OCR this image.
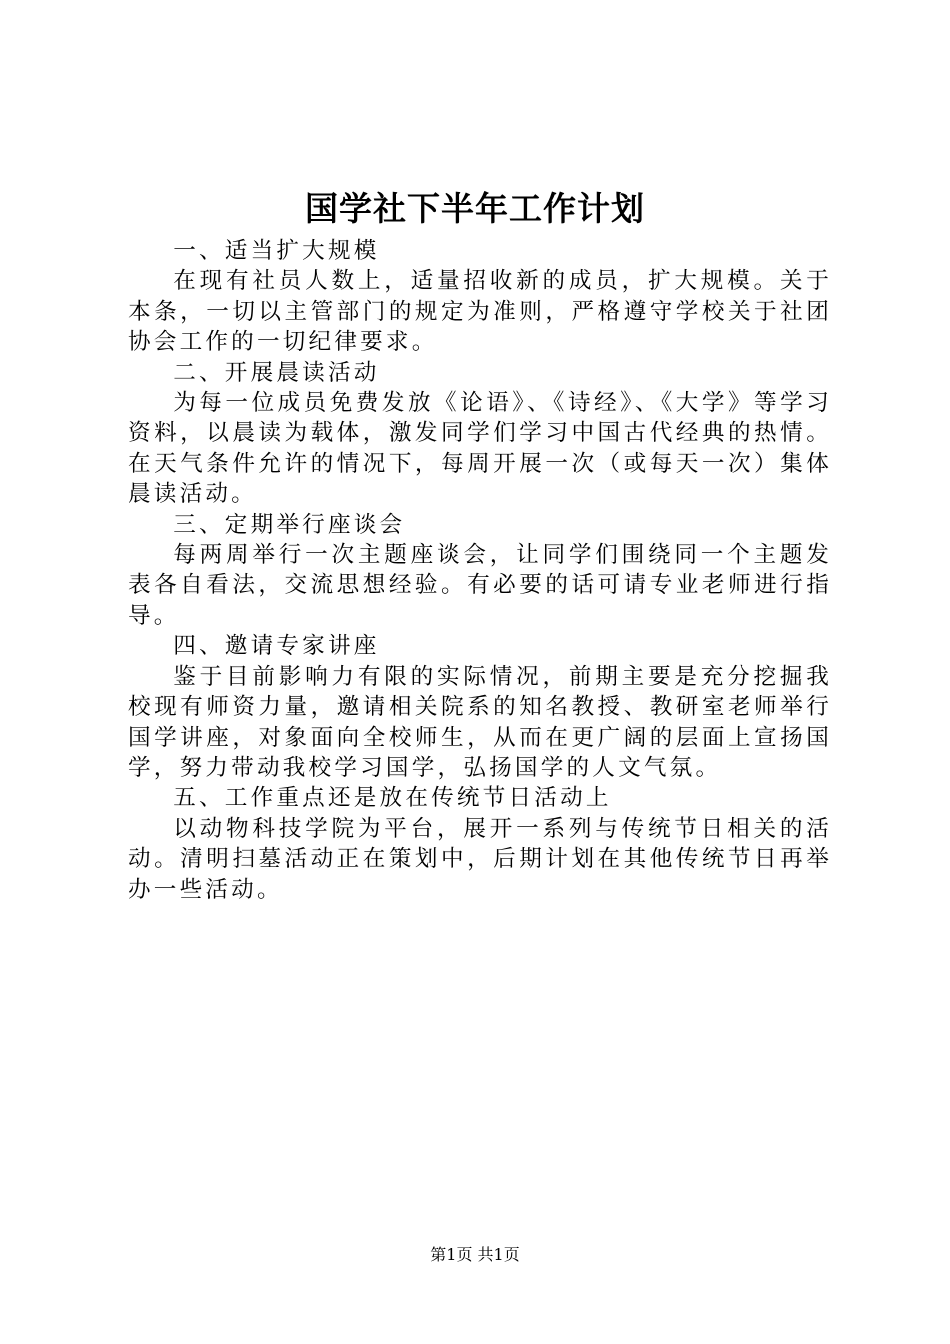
国学社下半年工作计划

一、适当扩大规模

在现有社员人数上，适量招收新的成员，扩大规模。关于本条，一切以主管部门的规定为准则，严格遵守学校关于社团协会工作的一切纪律要求。

二、开展晨读活动

为每一位成员免费发放《论语》、《诗经》、《大学》等学习资料，以晨读为载体，激发同学们学习中国古代经典的热情。在天气条件允许的情况下，每周开展一次（或每天一次）集体晨读活动。

三、定期举行座谈会

每两周举行一次主题座谈会，让同学们围绕同一个主题发表各自看法，交流思想经验。有必要的话可请专业老师进行指导。

四、邀请专家讲座

鉴于目前影响力有限的实际情况，前期主要是充分挖掘我校现有师资力量，邀请相关院系的知名教授、教研室老师举行国学讲座，对象面向全校师生，从而在更广阔的层面上宣扬国学，努力带动我校学习国学，弘扬国学的人文气氛。

五、工作重点还是放在传统节日活动上

以动物科技学院为平台，展开一系列与传统节日相关的活动。清明扫墓活动正在策划中，后期计划在其他传统节日再举办一些活动。

第1页 共1页
